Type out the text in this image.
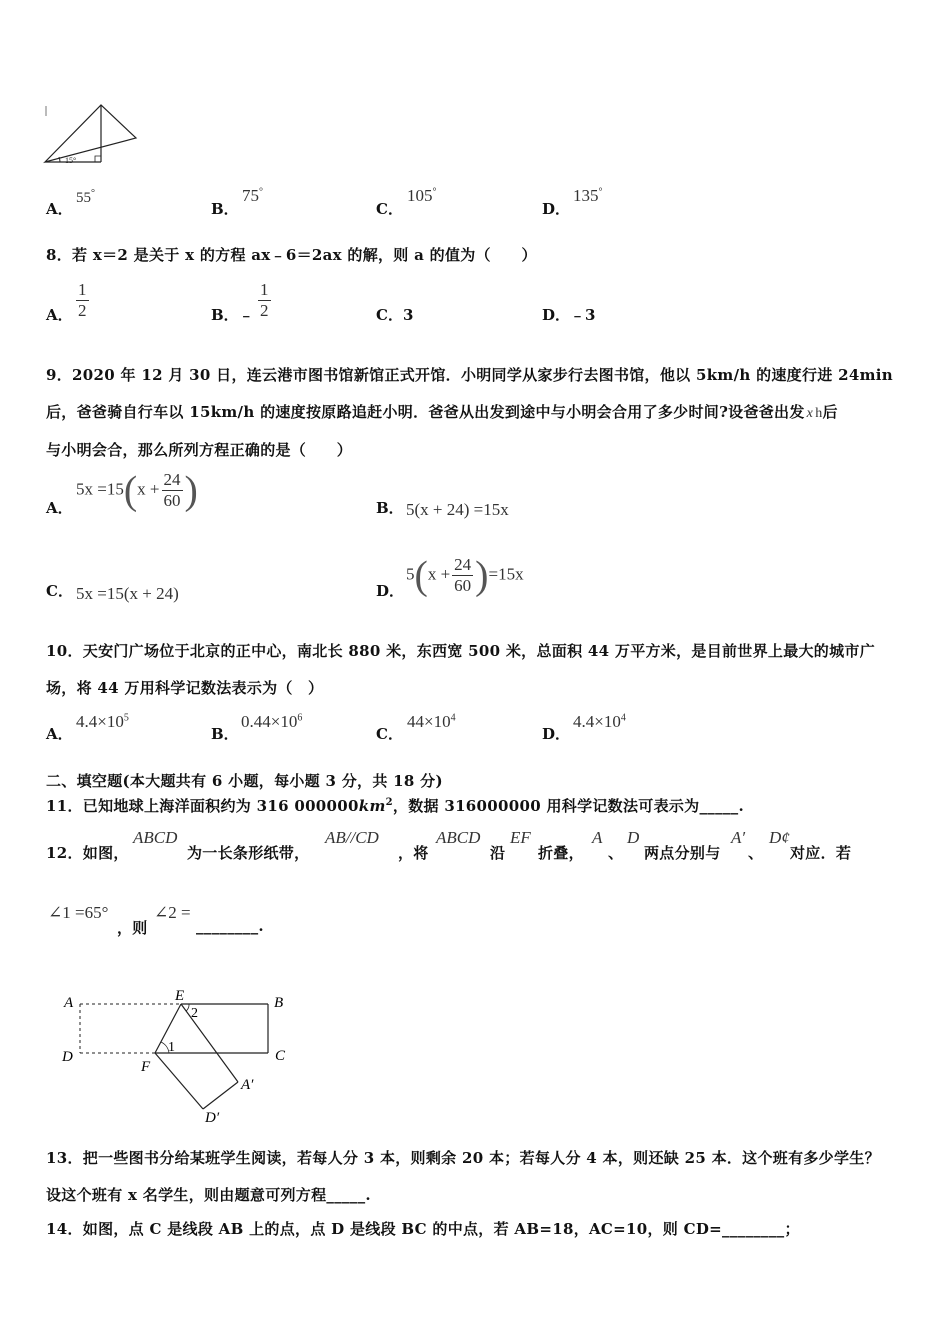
15°
A．
55°
B．
75°
C．
105°
D．
135°
8．若 x＝2 是关于 x 的方程 ax﹣6＝2ax 的解，则 a 的值为（　　）
A． $\frac{1}{2}$	B．﹣ $\frac{1}{2}$	C．3	D．﹣3
9．2020 年 12 月 30 日，连云港市图书馆新馆正式开馆．小明同学从家步行去图书馆，他以 5km/h 的速度行进 24min
后，爸爸骑自行车以 15km/h 的速度按原路追赶小明．爸爸从出发到途中与小明会合用了多少时间?设爸爸出发 x h后
与小明会合，那么所列方程正确的是（　　）
A．
$5x =15(x + \frac{24}{60}$ )	B． 5(x + 24) =15x
C． 5x =15(x + 24)	D．
$5(x + \frac{24}{60} )=15x$
10．天安门广场位于北京的正中心，南北长 880 米，东西宽 500 米，总面积 44 万平方米，是目前世界上最大的城市广
场，将 44 万用科学记数法表示为（　）
A．
$4.4\times 10^5$
B．
$0.44\times 10^6$
C．
$44\times 10^4$
D．
$4.4\times 10^4$
二、填空题(本大题共有 6 小题，每小题 3 分，共 18 分)
11．已知地球上海洋面积约为 316 $000000km^2$，数据 316000000 用科学记数法可表示为_____.
12．如图，
ABCD
为一长条形纸带，
AB//CD
，将
ABCD
沿
EF
折叠，
A
、
D
两点分别与
A′
、
D¢
对应．若
∠1 =65°
，则
∠2 =
________.
A	E	B
D
F
C
A′
D′
1
2
13．把一些图书分给某班学生阅读，若每人分 3 本，则剩余 20 本；若每人分 4 本，则还缺 25 本．这个班有多少学生？
设这个班有 x 名学生，则由题意可列方程_____.
14．如图，点 C 是线段 AB 上的点，点 D 是线段 BC 的中点，若 AB=18，AC=10，则 CD=________；
